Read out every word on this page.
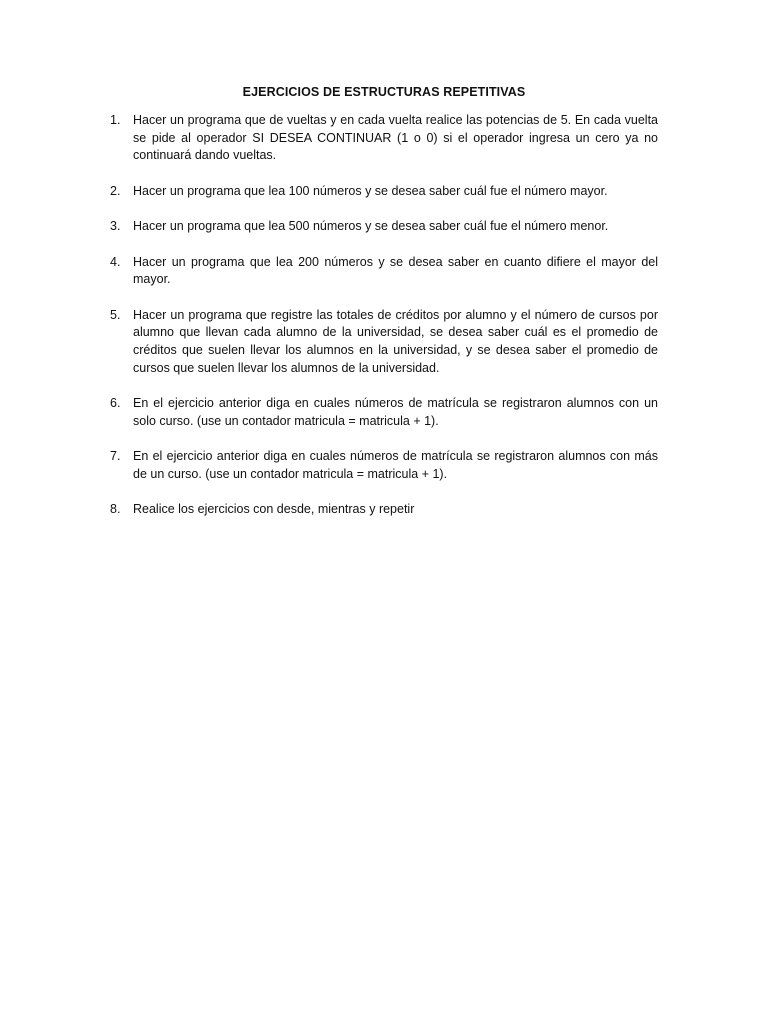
EJERCICIOS DE ESTRUCTURAS REPETITIVAS
1. Hacer un programa que de vueltas y en cada vuelta realice las potencias de 5. En cada vuelta se pide al operador SI DESEA CONTINUAR (1 o 0) si el operador ingresa un cero ya no continuará dando vueltas.
2. Hacer un programa que lea 100 números y se desea saber cuál fue el número mayor.
3. Hacer un programa que lea 500 números y se desea saber cuál fue el número menor.
4. Hacer un programa que lea 200 números y se desea saber en cuanto difiere el mayor del mayor.
5. Hacer un programa que registre las totales de créditos por alumno y el número de cursos por alumno que llevan cada alumno de la universidad, se desea saber cuál es el promedio de créditos que suelen llevar los alumnos en la universidad, y se desea saber el promedio de cursos que suelen llevar los alumnos de la universidad.
6. En el ejercicio anterior diga en cuales números de matrícula se registraron alumnos con un solo curso. (use un contador matricula = matricula + 1).
7. En el ejercicio anterior diga en cuales números de matrícula se registraron alumnos con más de un curso. (use un contador matricula = matricula + 1).
8. Realice los ejercicios con desde, mientras y repetir
